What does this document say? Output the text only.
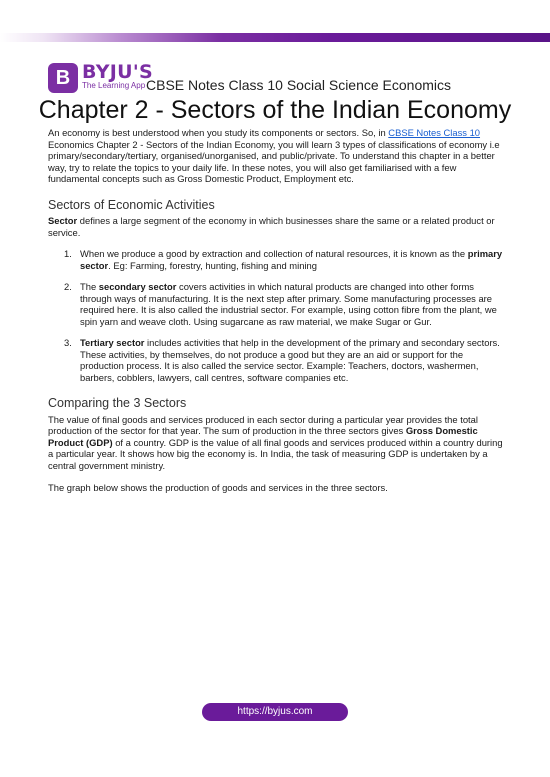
B BYJU'S
The Learning App CBSE Notes Class 10 Social Science Economics
Chapter 2 - Sectors of the Indian Economy

An economy is best understood when you study its components or sectors. So, in CBSE Notes Class 10 Economics Chapter 2 - Sectors of the Indian Economy, you will learn 3 types of classifications of economy i.e primary/secondary/tertiary, organised/unorganised, and public/private. To understand this chapter in a better way, try to relate the topics to your daily life. In these notes, you will also get familiarised with a few fundamental concepts such as Gross Domestic Product, Employment etc.

Sectors of Economic Activities

Sector defines a large segment of the economy in which businesses share the same or a related product or service.

1. When we produce a good by extraction and collection of natural resources, it is known as the primary sector. Eg: Farming, forestry, hunting, fishing and mining
2. The secondary sector covers activities in which natural products are changed into other forms through ways of manufacturing. It is the next step after primary. Some manufacturing processes are required here. It is also called the industrial sector. For example, using cotton fibre from the plant, we spin yarn and weave cloth. Using sugarcane as raw material, we make Sugar or Gur.
3. Tertiary sector includes activities that help in the development of the primary and secondary sectors. These activities, by themselves, do not produce a good but they are an aid or support for the production process. It is also called the service sector. Example: Teachers, doctors, washermen, barbers, cobblers, lawyers, call centres, software companies etc.
Comparing the 3 Sectors

The value of final goods and services produced in each sector during a particular year provides the total production of the sector for that year. The sum of production in the three sectors gives Gross Domestic Product (GDP) of a country. GDP is the value of all final goods and services produced within a country during a particular year. It shows how big the economy is. In India, the task of measuring GDP is undertaken by a central government ministry.

The graph below shows the production of goods and services in the three sectors.

https://byjus.com
